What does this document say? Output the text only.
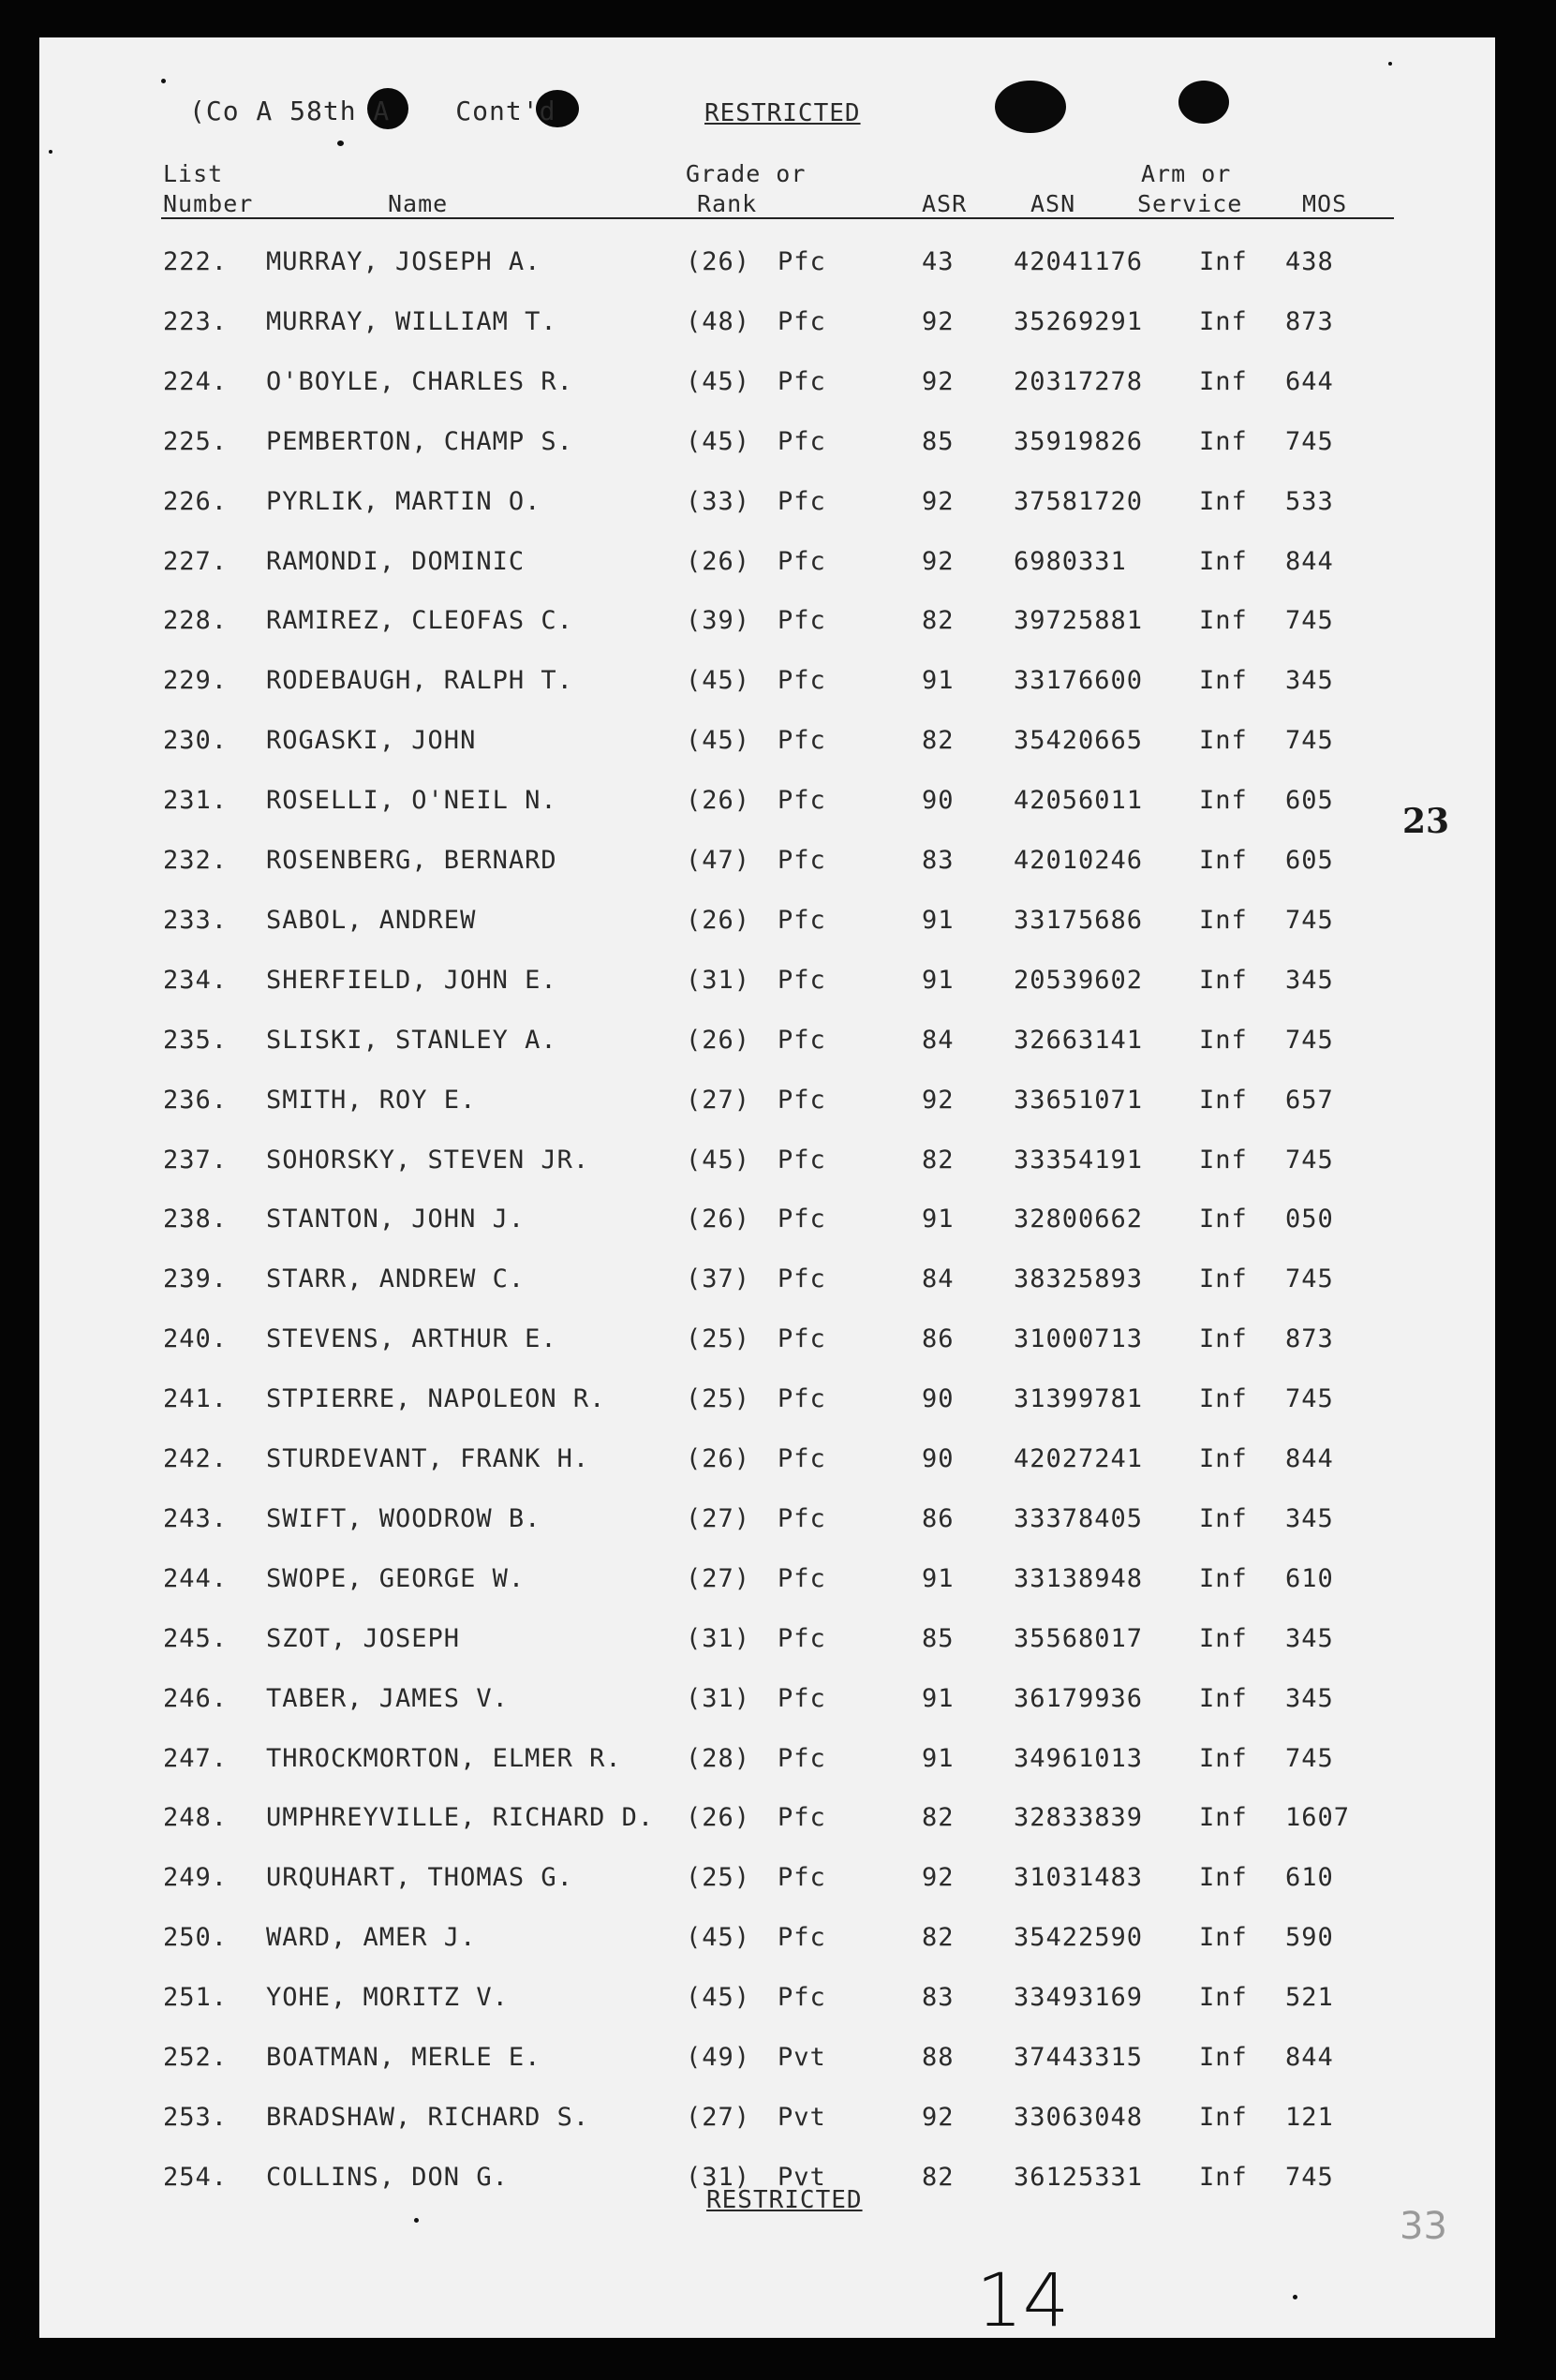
(Co A 58th A	Cont'd	RESTRICTED
List
Number	Name
Grade or
Rank	ASR	ASN
Arm or
Service	MOS
222. MURRAY, JOSEPH A.	(26) Pfc	43 42041176 Inf 438
223. MURRAY, WILLIAM T.	(48) Pfc	92 35269291 Inf 873
224. O'BOYLE, CHARLES R.	(45) Pfc	92 20317278 Inf 644
225. PEMBERTON, CHAMP S.	(45) Pfc	85 35919826 Inf 745
226. PYRLIK, MARTIN O.	(33) Pfc	92 37581720 Inf 533
227. RAMONDI, DOMINIC	(26) Pfc	92 6980331	Inf 844
228. RAMIREZ, CLEOFAS C.	(39) Pfc	82 39725881 Inf 745
229. RODEBAUGH, RALPH T.	(45) Pfc	91 33176600 Inf 345
230. ROGASKI, JOHN	(45) Pfc	82 35420665 Inf 745
231. ROSELLI, O'NEIL N.	(26) Pfc	90 42056011 Inf 605
232. ROSENBERG, BERNARD	(47) Pfc	83 42010246 Inf 605
233. SABOL, ANDREW	(26) Pfc	91 33175686 Inf 745
234. SHERFIELD, JOHN E.	(31) Pfc	91 20539602 Inf 345
235. SLISKI, STANLEY A.	(26) Pfc	84 32663141 Inf 745
236. SMITH, ROY E.	(27) Pfc	92 33651071 Inf 657
237. SOHORSKY, STEVEN JR.	(45) Pfc	82 33354191 Inf 745
238. STANTON, JOHN J.	(26) Pfc	91 32800662 Inf 050
239. STARR, ANDREW C.	(37) Pfc	84 38325893 Inf 745
240. STEVENS, ARTHUR E.	(25) Pfc	86 31000713 Inf 873
241. STPIERRE, NAPOLEON R.	(25) Pfc	90 31399781 Inf 745
242. STURDEVANT, FRANK H.	(26) Pfc	90 42027241 Inf 844
243. SWIFT, WOODROW B.	(27) Pfc	86 33378405 Inf 345
244. SWOPE, GEORGE W.	(27) Pfc	91 33138948 Inf 610
245. SZOT, JOSEPH	(31) Pfc	85 35568017 Inf 345
246. TABER, JAMES V.	(31) Pfc	91 36179936 Inf 345
247. THROCKMORTON, ELMER R.	(28) Pfc	91 34961013 Inf 745
248. UMPHREYVILLE, RICHARD D. (26) Pfc	82 32833839 Inf 1607
249. URQUHART, THOMAS G.	(25) Pfc	92 31031483 Inf 610
250. WARD, AMER J.	(45) Pfc	82 35422590 Inf 590
251. YOHE, MORITZ V.	(45) Pfc	83 33493169 Inf 521
252. BOATMAN, MERLE E.	(49) Pvt	88 37443315 Inf 844
253. BRADSHAW, RICHARD S.	(27) Pvt	92 33063048 Inf 121
254. COLLINS, DON G.	(31) Pvt	82 36125331 Inf 745
23
RESTRICTED
14
33
